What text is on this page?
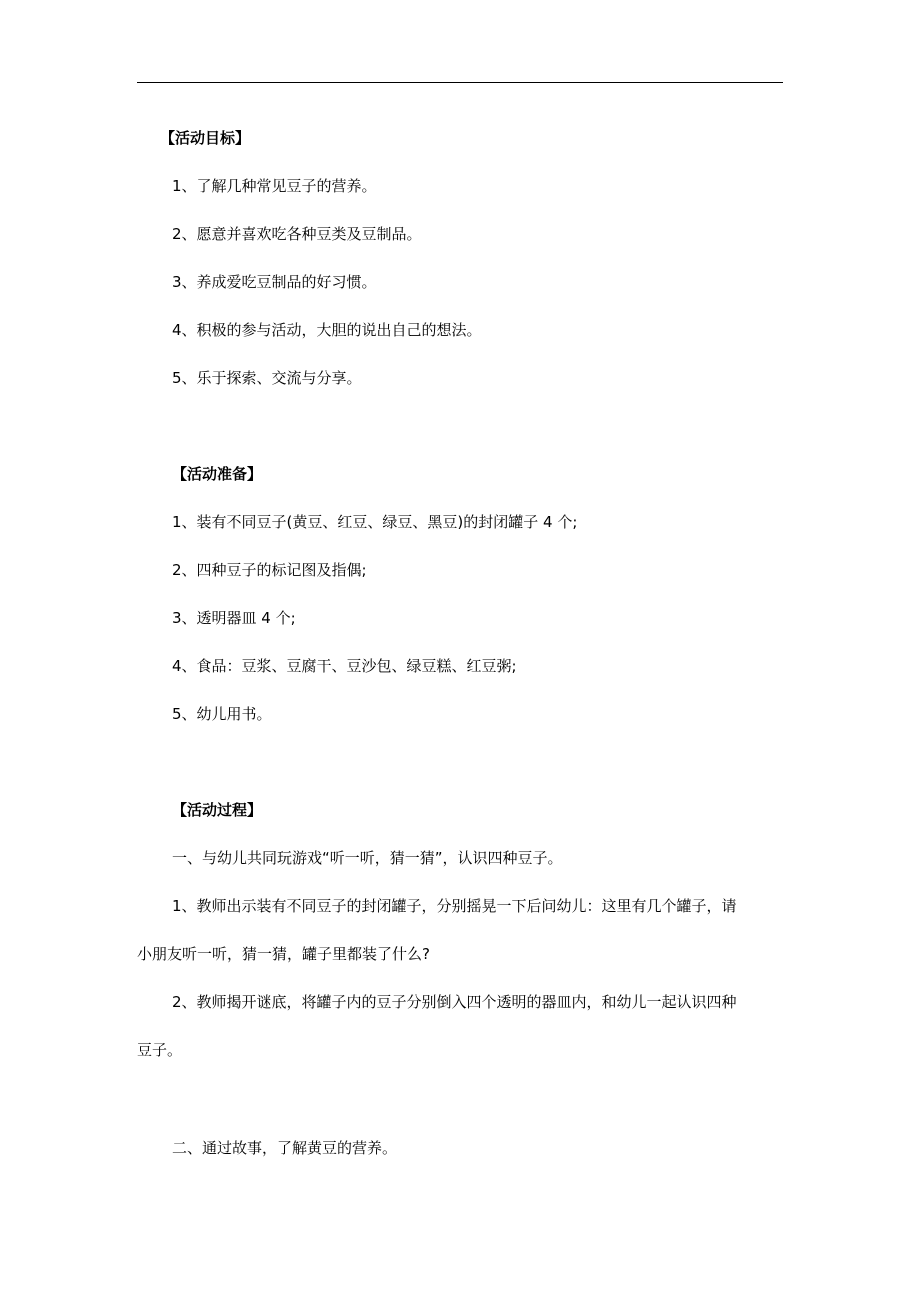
【活动目标】
1、了解几种常见豆子的营养。
2、愿意并喜欢吃各种豆类及豆制品。
3、养成爱吃豆制品的好习惯。
4、积极的参与活动，大胆的说出自己的想法。
5、乐于探索、交流与分享。
【活动准备】
1、装有不同豆子(黄豆、红豆、绿豆、黑豆)的封闭罐子 4 个;
2、四种豆子的标记图及指偶;
3、透明器皿 4 个;
4、食品：豆浆、豆腐干、豆沙包、绿豆糕、红豆粥;
5、幼儿用书。
【活动过程】
一、与幼儿共同玩游戏“听一听，猜一猜”，认识四种豆子。
1、教师出示装有不同豆子的封闭罐子，分别摇晃一下后问幼儿：这里有几个罐子，请
小朋友听一听，猜一猜，罐子里都装了什么?
2、教师揭开谜底，将罐子内的豆子分别倒入四个透明的器皿内，和幼儿一起认识四种
豆子。
二、通过故事，了解黄豆的营养。
